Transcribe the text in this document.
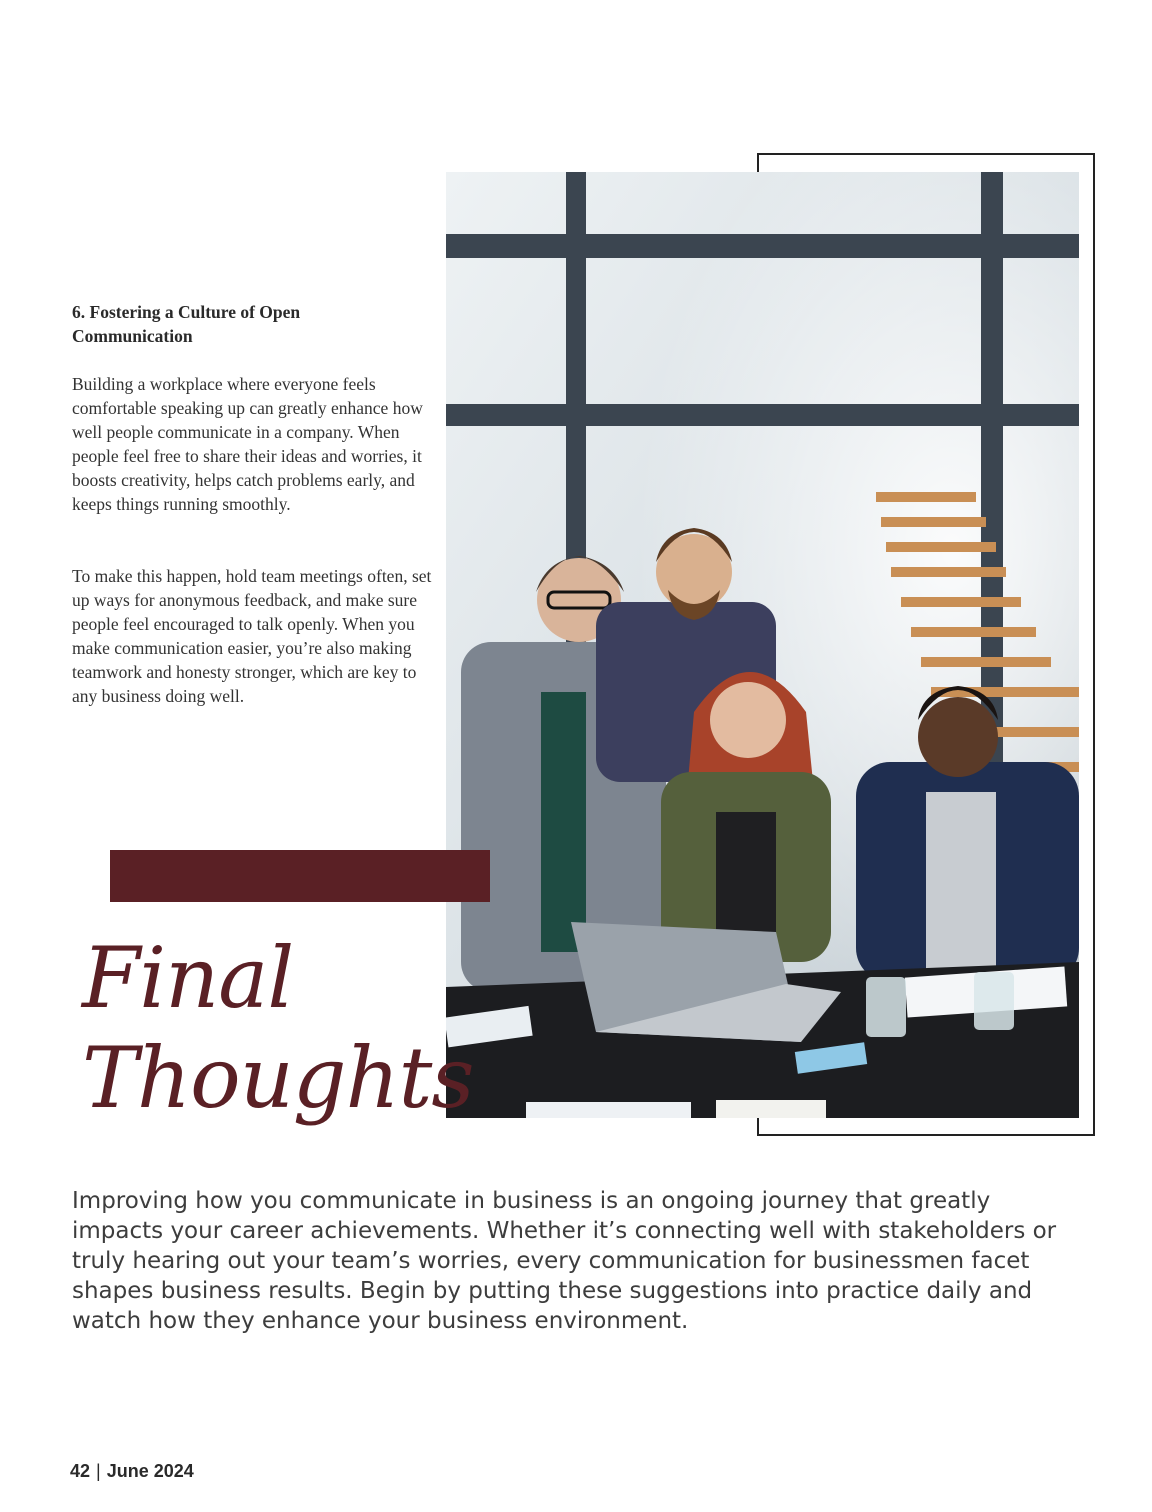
6. Fostering a Culture of Open Communication

Building a workplace where everyone feels comfortable speaking up can greatly enhance how well people communicate in a company. When people feel free to share their ideas and worries, it boosts creativity, helps catch problems early, and keeps things running smoothly.

To make this happen, hold team meetings often, set up ways for anonymous feedback, and make sure people feel encouraged to talk openly. When you make communication easier, you’re also making teamwork and honesty stronger, which are key to any business doing well.

Final
Thoughts

Improving how you communicate in business is an ongoing journey that greatly impacts your career achievements. Whether it’s connecting well with stakeholders or truly hearing out your team’s worries, every communication for businessmen facet shapes business results. Begin by putting these suggestions into practice daily and watch how they enhance your business environment.

42 | June 2024
